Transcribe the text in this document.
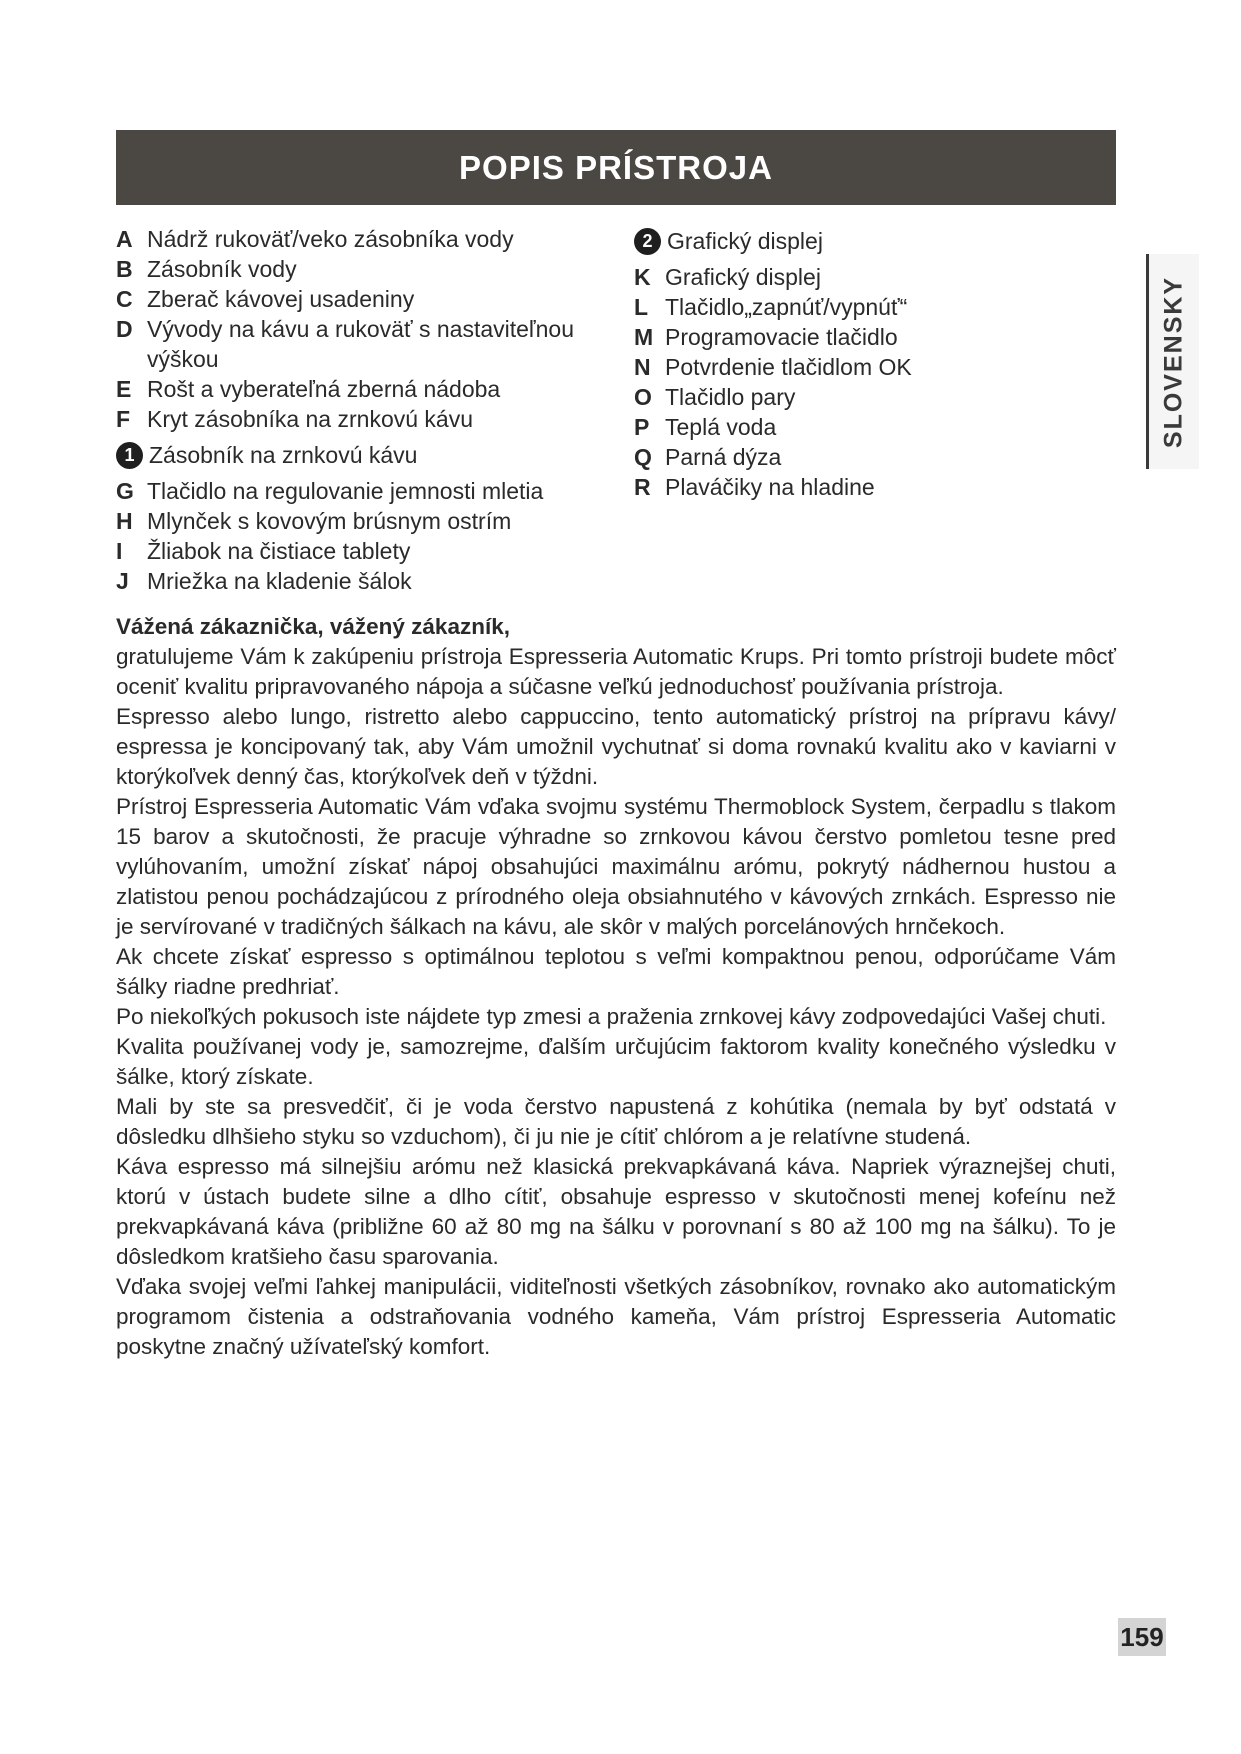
POPIS PRÍSTROJA
A Nádrž rukoväť/veko zásobníka vody
B Zásobník vody
C Zberač kávovej usadeniny
D Vývody na kávu a rukoväť s nastaviteľnou výškou
E Rošt a vyberateľná zberná nádoba
F Kryt zásobníka na zrnkovú kávu
1 Zásobník na zrnkovú kávu
G Tlačidlo na regulovanie jemnosti mletia
H Mlynček s kovovým brúsnym ostrím
I	Žliabok na čistiace tablety
J Mriežka na kladenie šálok
2 Grafický displej
K Grafický displej
L Tlačidlo„zapnúť/vypnúť“
M Programovacie tlačidlo
N Potvrdenie tlačidlom OK
O Tlačidlo pary
P Teplá voda
Q Parná dýza
R Plaváčiky na hladine
SLOVENSKY

Vážená zákaznička, vážený zákazník,

gratulujeme Vám k zakúpeniu prístroja Espresseria Automatic Krups. Pri tomto prístroji budete môcť oceniť kvalitu pripravovaného nápoja a súčasne veľkú jednoduchosť používania prístroja.

Espresso alebo lungo, ristretto alebo cappuccino, tento automatický prístroj na prípravu kávy/ espressa je koncipovaný tak, aby Vám umožnil vychutnať si doma rovnakú kvalitu ako v kaviarni v ktorýkoľvek denný čas, ktorýkoľvek deň v týždni.

Prístroj Espresseria Automatic Vám vďaka svojmu systému Thermoblock System, čerpadlu s tlakom 15 barov a skutočnosti, že pracuje výhradne so zrnkovou kávou čerstvo pomletou tesne pred vylúhovaním, umožní získať nápoj obsahujúci maximálnu arómu, pokrytý nádhernou hustou a zlatistou penou pochádzajúcou z prírodného oleja obsiahnutého v kávových zrnkách. Espresso nie je servírované v tradičných šálkach na kávu, ale skôr v malých porcelánových hrnčekoch.

Ak chcete získať espresso s optimálnou teplotou s veľmi kompaktnou penou, odporúčame Vám šálky riadne predhriať.

Po niekoľkých pokusoch iste nájdete typ zmesi a praženia zrnkovej kávy zodpovedajúci Vašej chuti.

Kvalita používanej vody je, samozrejme, ďalším určujúcim faktorom kvality konečného výsledku v šálke, ktorý získate.

Mali by ste sa presvedčiť, či je voda čerstvo napustená z kohútika (nemala by byť odstatá v dôsledku dlhšieho styku so vzduchom), či ju nie je cítiť chlórom a je relatívne studená.

Káva espresso má silnejšiu arómu než klasická prekvapkávaná káva. Napriek výraznejšej chuti, ktorú v ústach budete silne a dlho cítiť, obsahuje espresso v skutočnosti menej kofeínu než prekvapkávaná káva (približne 60 až 80 mg na šálku v porovnaní s 80 až 100 mg na šálku). To je dôsledkom kratšieho času sparovania.

Vďaka svojej veľmi ľahkej manipulácii, viditeľnosti všetkých zásobníkov, rovnako ako automatickým programom čistenia a odstraňovania vodného kameňa, Vám prístroj Espresseria Automatic poskytne značný užívateľský komfort.

159
